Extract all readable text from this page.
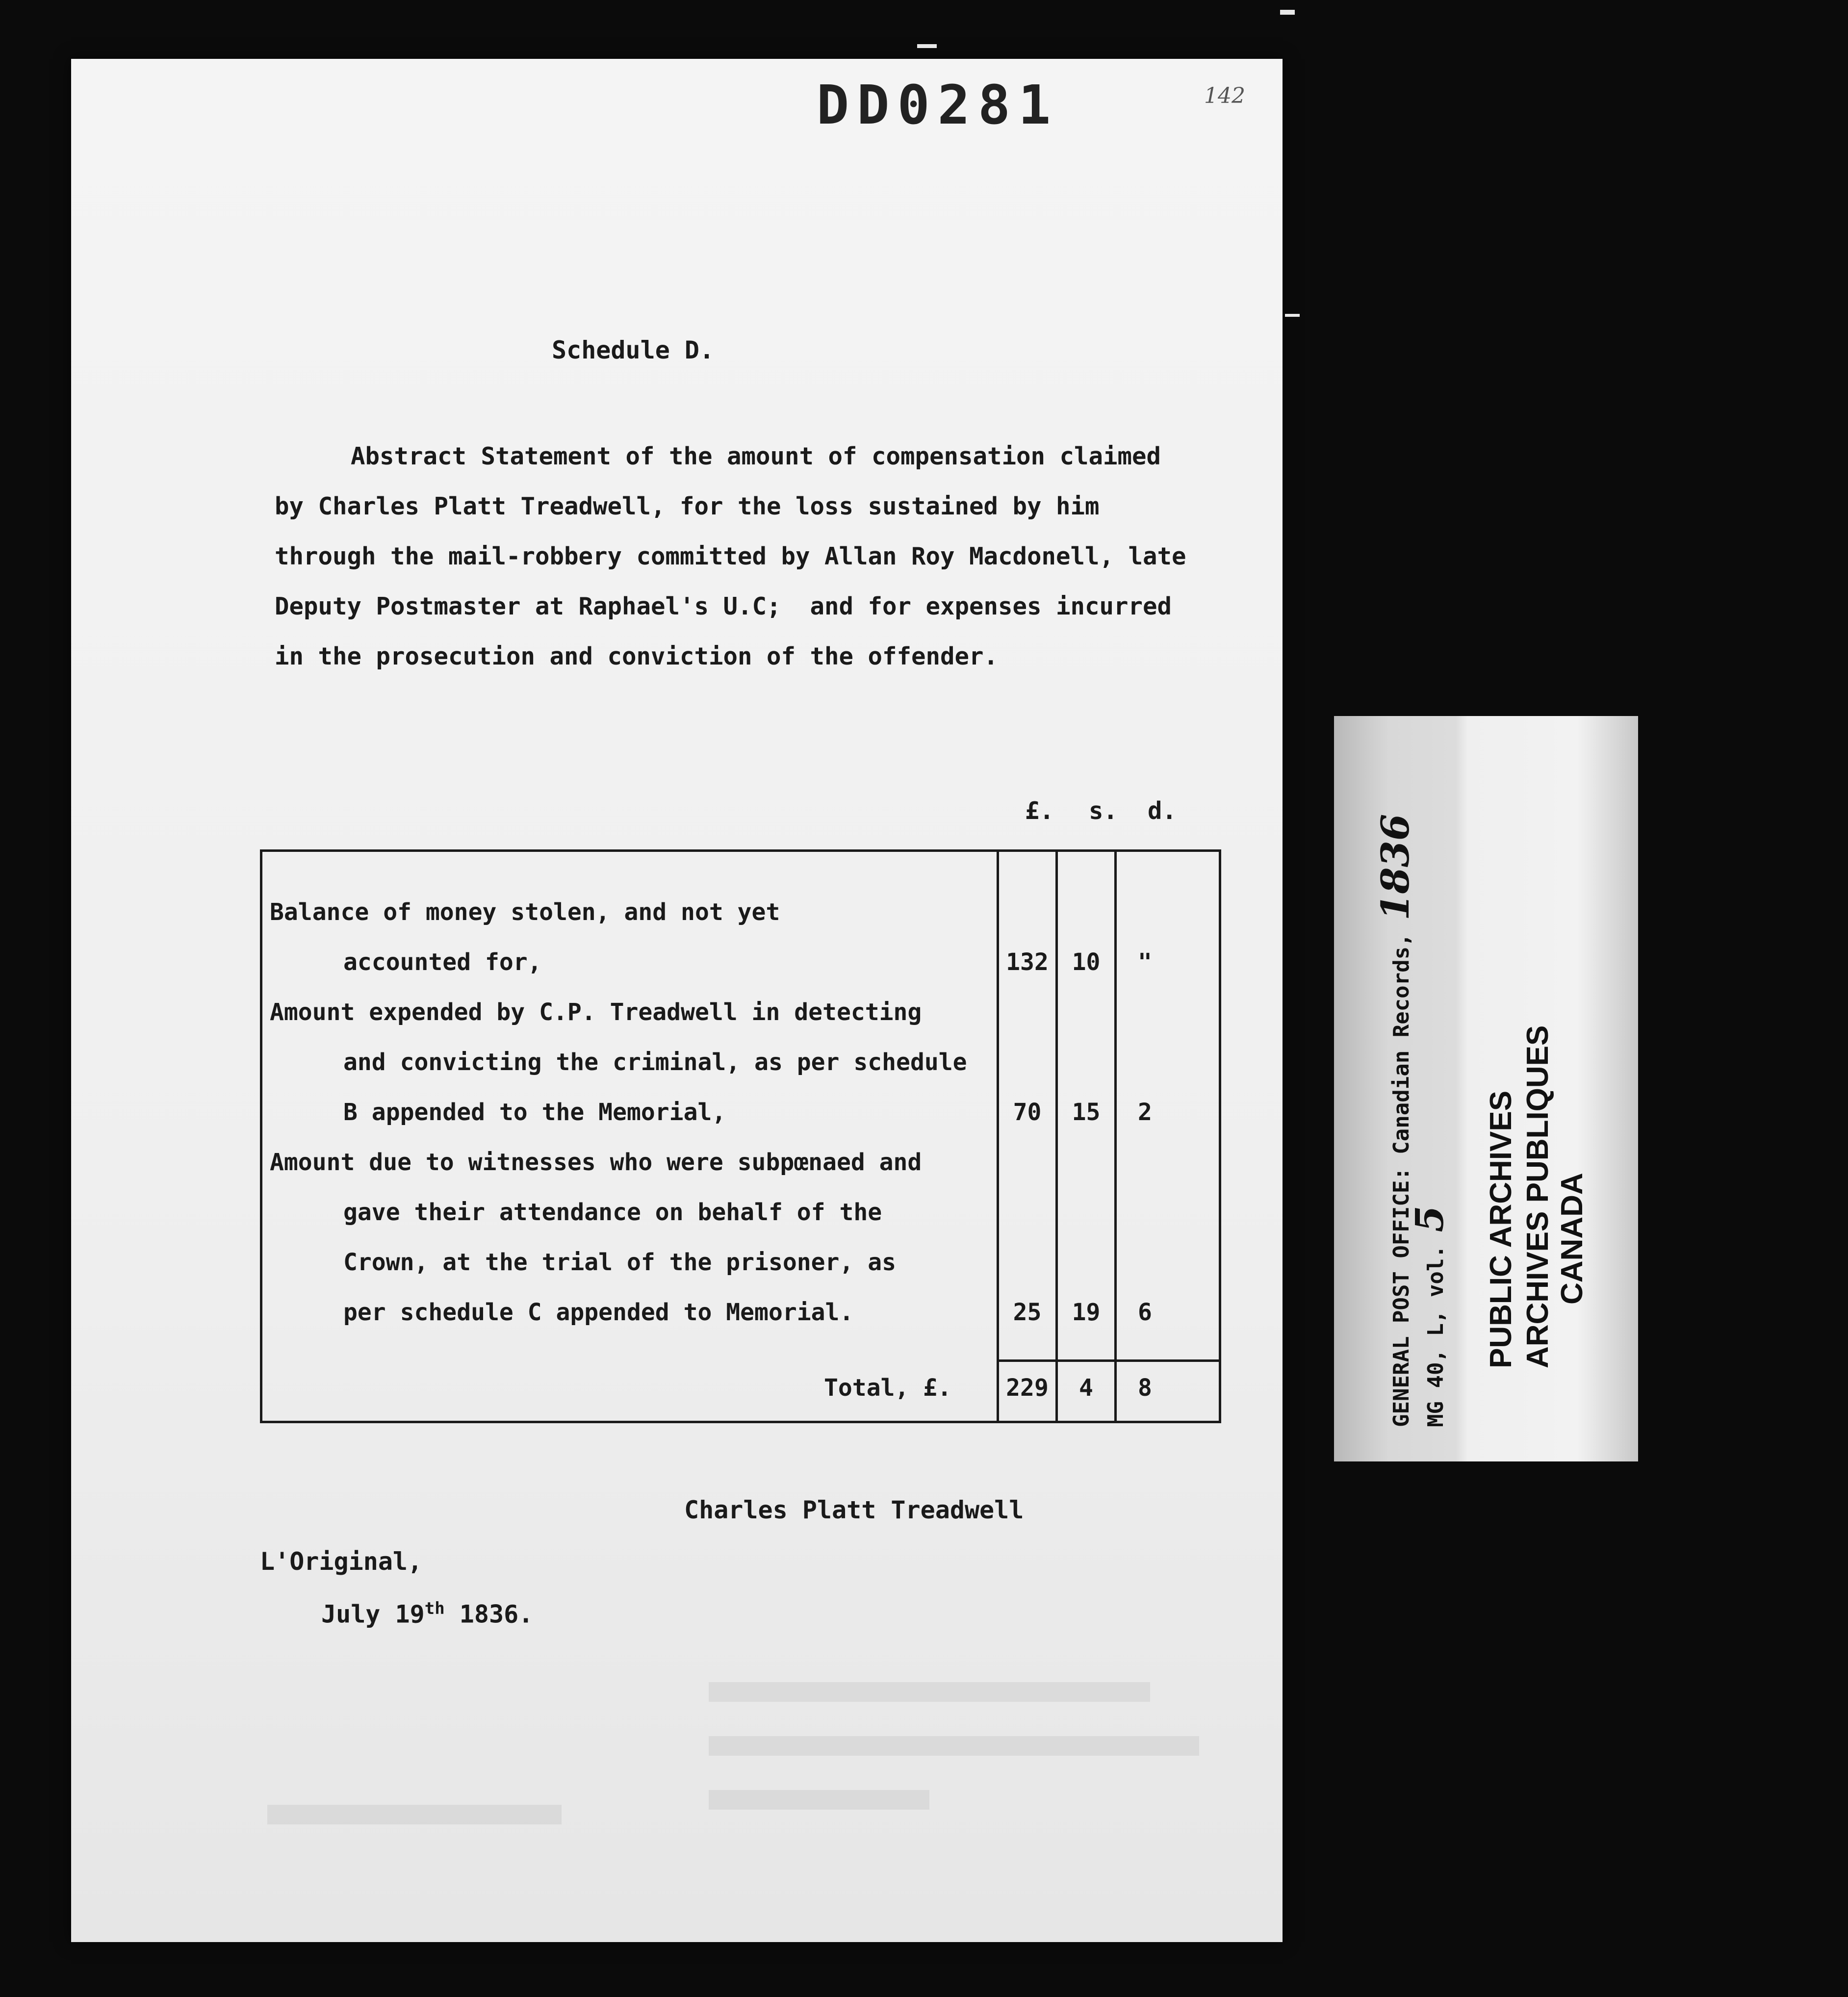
DD0281	142
Schedule D.
Abstract Statement of the amount of compensation claimed
by Charles Platt Treadwell, for the loss sustained by him
through the mail-robbery committed by Allan Roy Macdonell, late
Deputy Postmaster at Raphael's U.C;  and for expenses incurred
in the prosecution and conviction of the offender.
£. s. d.
Balance of money stolen, and not yet
accounted for,	132 10	"
Amount expended by C.P. Treadwell in detecting
and convicting the criminal, as per schedule
B appended to the Memorial,	70	15	2
Amount due to witnesses who were subpœnaed and
gave their attendance on behalf of the
Crown, at the trial of the prisoner, as
per schedule C appended to Memorial.	25	19	6
Total, £. 229	4	8
Charles Platt Treadwell
L'Original,
July 19th 1836.
GENERAL POST OFFICE: Canadian Records, 1836
MG 40, L, vol. 5 PUBLIC ARCHIVES ARCHIVES PUBLIQUES CANADA
